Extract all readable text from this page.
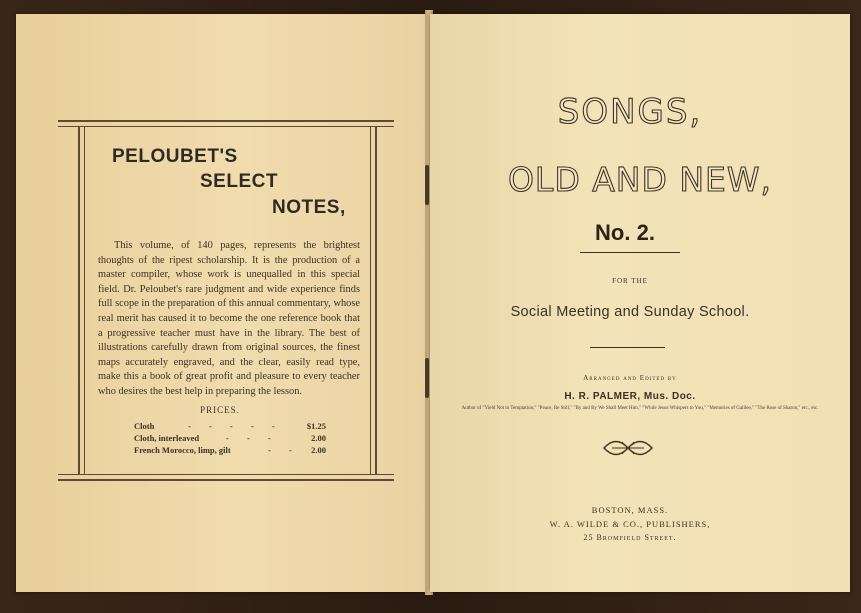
PELOUBET'S
SELECT
NOTES,
This volume, of 140 pages, represents the brightest thoughts of the ripest scholarship. It is the production of a master compiler, whose work is unequalled in this special field. Dr. Peloubet's rare judgment and wide experience finds full scope in the preparation of this annual commentary, whose real merit has caused it to become the one reference book that a progressive teacher must have in the library. The best of illustrations carefully drawn from original sources, the finest maps accurately engraved, and the clear, easily read type, make this a book of great profit and pleasure to every teacher who desires the best help in preparing the lesson.
PRICES.
Cloth	- - - - -	$1.25
Cloth, interleaved	- - -	2.00
French Morocco, limp, gilt	- - 2.00
SONGS,
OLD AND NEW,
No. 2.
FOR THE
Social Meeting and Sunday School.
Arranged and Edited by
H. R. PALMER, Mus. Doc.
Author of "Yield Not to Temptation," "Peace, Be Still," "By and By We Shall Meet Him," "While Jesus Whispers to You," "Memories of Galilee," "The Rose of Sharon," etc., etc.
BOSTON, MASS.
W. A. WILDE & CO., PUBLISHERS,
25 Bromfield Street.
